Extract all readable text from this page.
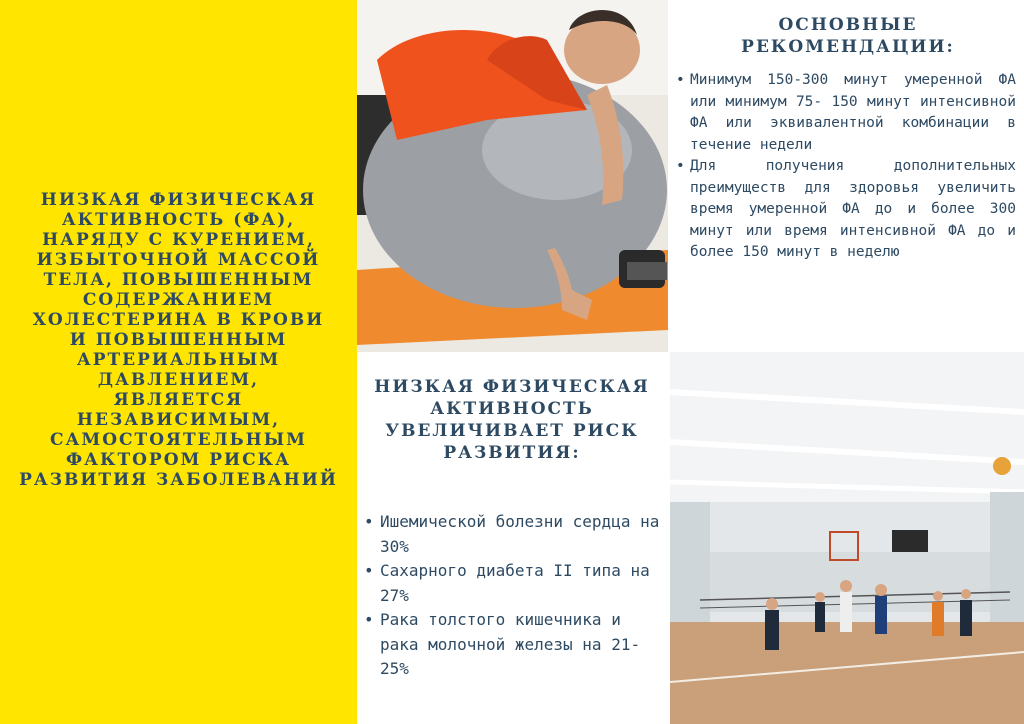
НИЗКАЯ ФИЗИЧЕСКАЯ
АКТИВНОСТЬ (ФА),
НАРЯДУ С КУРЕНИЕМ,
ИЗБЫТОЧНОЙ МАССОЙ
ТЕЛА, ПОВЫШЕННЫМ
СОДЕРЖАНИЕМ
ХОЛЕСТЕРИНА В КРОВИ
И ПОВЫШЕННЫМ
АРТЕРИАЛЬНЫМ
ДАВЛЕНИЕМ,
ЯВЛЯЕТСЯ
НЕЗАВИСИМЫМ,
САМОСТОЯТЕЛЬНЫМ
ФАКТОРОМ РИСКА
РАЗВИТИЯ ЗАБОЛЕВАНИЙ
ОСНОВНЫЕ
РЕКОМЕНДАЦИИ:
• Минимум 150-300 минут умеренной ФА или минимум 75- 150 минут интенсивной ФА или эквивалентной комбинации в течение недели
• Для получения дополнительных преимуществ для здоровья увеличить время умеренной ФА до и более 300 минут или время интенсивной ФА до и более 150 минут в неделю
НИЗКАЯ ФИЗИЧЕСКАЯ
АКТИВНОСТЬ
УВЕЛИЧИВАЕТ РИСК
РАЗВИТИЯ:
• Ишемической болезни сердца на 30%
• Сахарного диабета II типа на 27%
• Рака толстого кишечника и рака молочной железы на 21-25%
